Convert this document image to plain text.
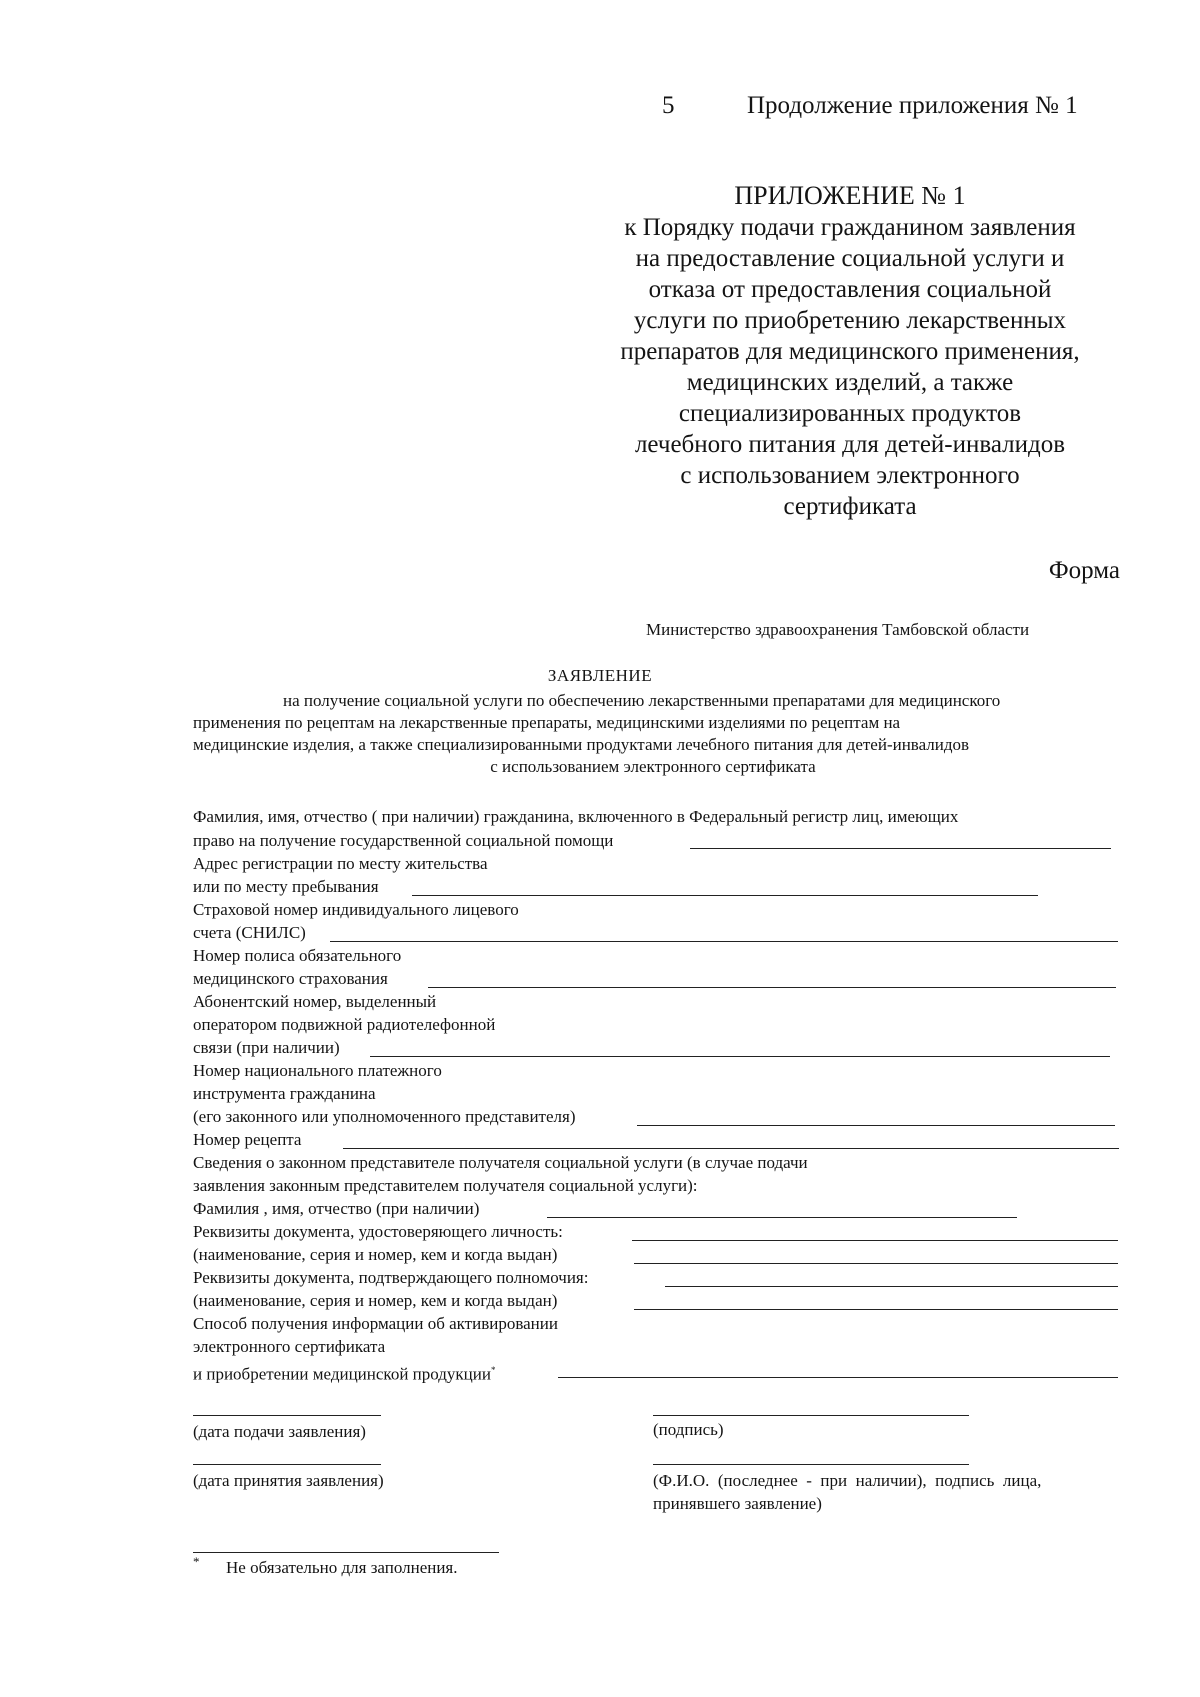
5	Продолжение приложения № 1
ПРИЛОЖЕНИЕ № 1
к Порядку подачи гражданином заявления
на предоставление социальной услуги и
отказа от предоставления социальной
услуги по приобретению лекарственных
препаратов для медицинского применения,
медицинских изделий, а также
специализированных продуктов
лечебного питания для детей-инвалидов
с использованием электронного
сертификата
Форма
Министерство здравоохранения Тамбовской области
ЗАЯВЛЕНИЕ
на получение социальной услуги по обеспечению лекарственными препаратами для медицинского
применения по рецептам на лекарственные препараты, медицинскими изделиями по рецептам на
медицинские изделия, а также специализированными продуктами лечебного питания для детей-инвалидов
с использованием электронного сертификата
Фамилия, имя, отчество ( при наличии) гражданина, включенного в Федеральный регистр лиц, имеющих
право на получение государственной социальной помощи
Адрес регистрации по месту жительства
или по месту пребывания
Страховой номер индивидуального лицевого
счета (СНИЛС)
Номер полиса обязательного
медицинского страхования
Абонентский номер, выделенный
оператором подвижной радиотелефонной
связи (при наличии)
Номер национального платежного
инструмента гражданина
(его законного или уполномоченного представителя)
Номер рецепта
Сведения о законном представителе получателя социальной услуги (в случае подачи
заявления законным представителем получателя социальной услуги):
Фамилия , имя, отчество (при наличии)
Реквизиты документа, удостоверяющего личность:
(наименование, серия и номер, кем и когда выдан)
Реквизиты документа, подтверждающего полномочия:
(наименование, серия и номер, кем и когда выдан)
Способ получения информации об активировании
электронного сертификата
и приобретении медицинской продукции*
(дата подачи заявления)	(подпись)
(дата принятия заявления)	(Ф.И.О.  (последнее  -  при  наличии),  подпись  лица,
принявшего заявление)
* Не обязательно для заполнения.
